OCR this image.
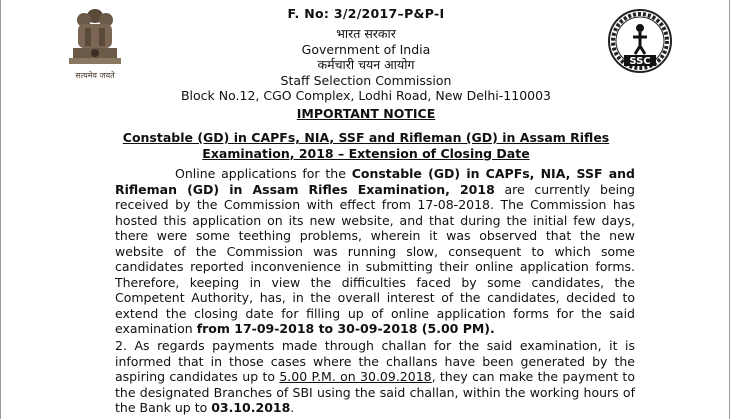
सत्यमेव जयते
SSC
F. No: 3/2/2017–P&P-I
भारत सरकार
Government of India
कर्मचारी चयन आयोग
Staff Selection Commission
Block No.12, CGO Complex, Lodhi Road, New Delhi-110003
IMPORTANT NOTICE
Constable (GD) in CAPFs, NIA, SSF and Rifleman (GD) in Assam Rifles Examination, 2018 – Extension of Closing Date
Online applications for the Constable (GD) in CAPFs, NIA, SSF and Rifleman (GD) in Assam Rifles Examination, 2018 are currently being received by the Commission with effect from 17-08-2018. The Commission has hosted this application on its new website, and that during the initial few days, there were some teething problems, wherein it was observed that the new website of the Commission was running slow, consequent to which some candidates reported inconvenience in submitting their online application forms. Therefore, keeping in view the difficulties faced by some candidates, the Competent Authority, has, in the overall interest of the candidates, decided to extend the closing date for filling up of online application forms for the said examination from 17-09-2018 to 30-09-2018 (5.00 PM).
2. As regards payments made through challan for the said examination, it is informed that in those cases where the challans have been generated by the aspiring candidates up to 5.00 P.M. on 30.09.2018, they can make the payment to the designated Branches of SBI using the said challan, within the working hours of the Bank up to 03.10.2018.
